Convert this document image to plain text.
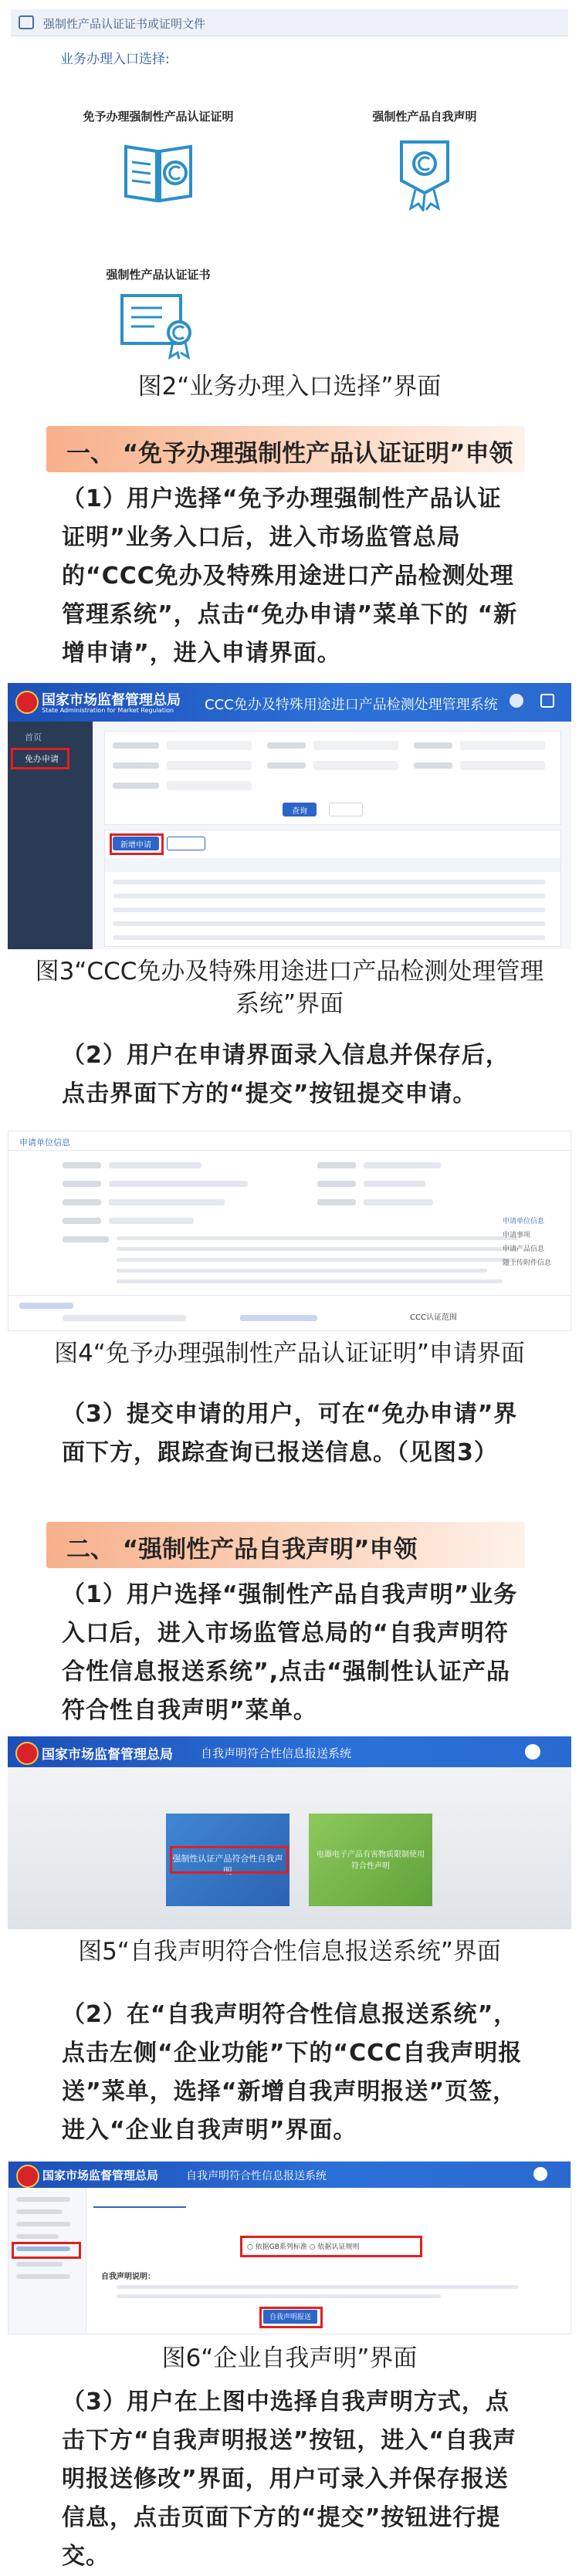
强制性产品认证证书或证明文件
业务办理入口选择:
免予办理强制性产品认证证明	强制性产品自我声明
强制性产品认证证书
图2“业务办理入口选择”界面
一、 “免予办理强制性产品认证证明”申领
（1）用户选择“免予办理强制性产品认证证明”业务入口后，进入市场监管总局的“CCC免办及特殊用途进口产品检测处理管理系统”，点击“免办申请”菜单下的 “新增申请”，进入申请界面。
国家市场监督管理总局
State Administration for Market Regulation CCC免办及特殊用途进口产品检测处理管理系统
首页
免办申请
查询
新增申请
图3“CCC免办及特殊用途进口产品检测处理管理系统”界面
（2）用户在申请界面录入信息并保存后，点击界面下方的“提交”按钮提交申请。
申请单位信息
申请单位信息
申请事项
申请产品信息
随上传附件信息
CCC认证范围
图4“免予办理强制性产品认证证明”申请界面
（3）提交申请的用户，可在“免办申请”界面下方，跟踪查询已报送信息。（见图3）
二、 “强制性产品自我声明”申领
（1）用户选择“强制性产品自我声明”业务入口后，进入市场监管总局的“自我声明符合性信息报送系统”,点击“强制性认证产品符合性自我声明”菜单。
国家市场监督管理总局 自我声明符合性信息报送系统
强制性认证产品符合性自我声明
电器电子产品有害物质限制使用符合性声明
图5“自我声明符合性信息报送系统”界面
（2）在“自我声明符合性信息报送系统”，点击左侧“企业功能”下的“CCC自我声明报送”菜单，选择“新增自我声明报送”页签，进入“企业自我声明”界面。
国家市场监督管理总局	自我声明符合性信息报送系统
○ 依据GB系列标准 ○ 依据认证规则
自我声明说明：
自我声明报送
图6“企业自我声明”界面
（3）用户在上图中选择自我声明方式，点击下方“自我声明报送”按钮，进入“自我声明报送修改”界面，用户可录入并保存报送信息，点击页面下方的“提交”按钮进行提交。
